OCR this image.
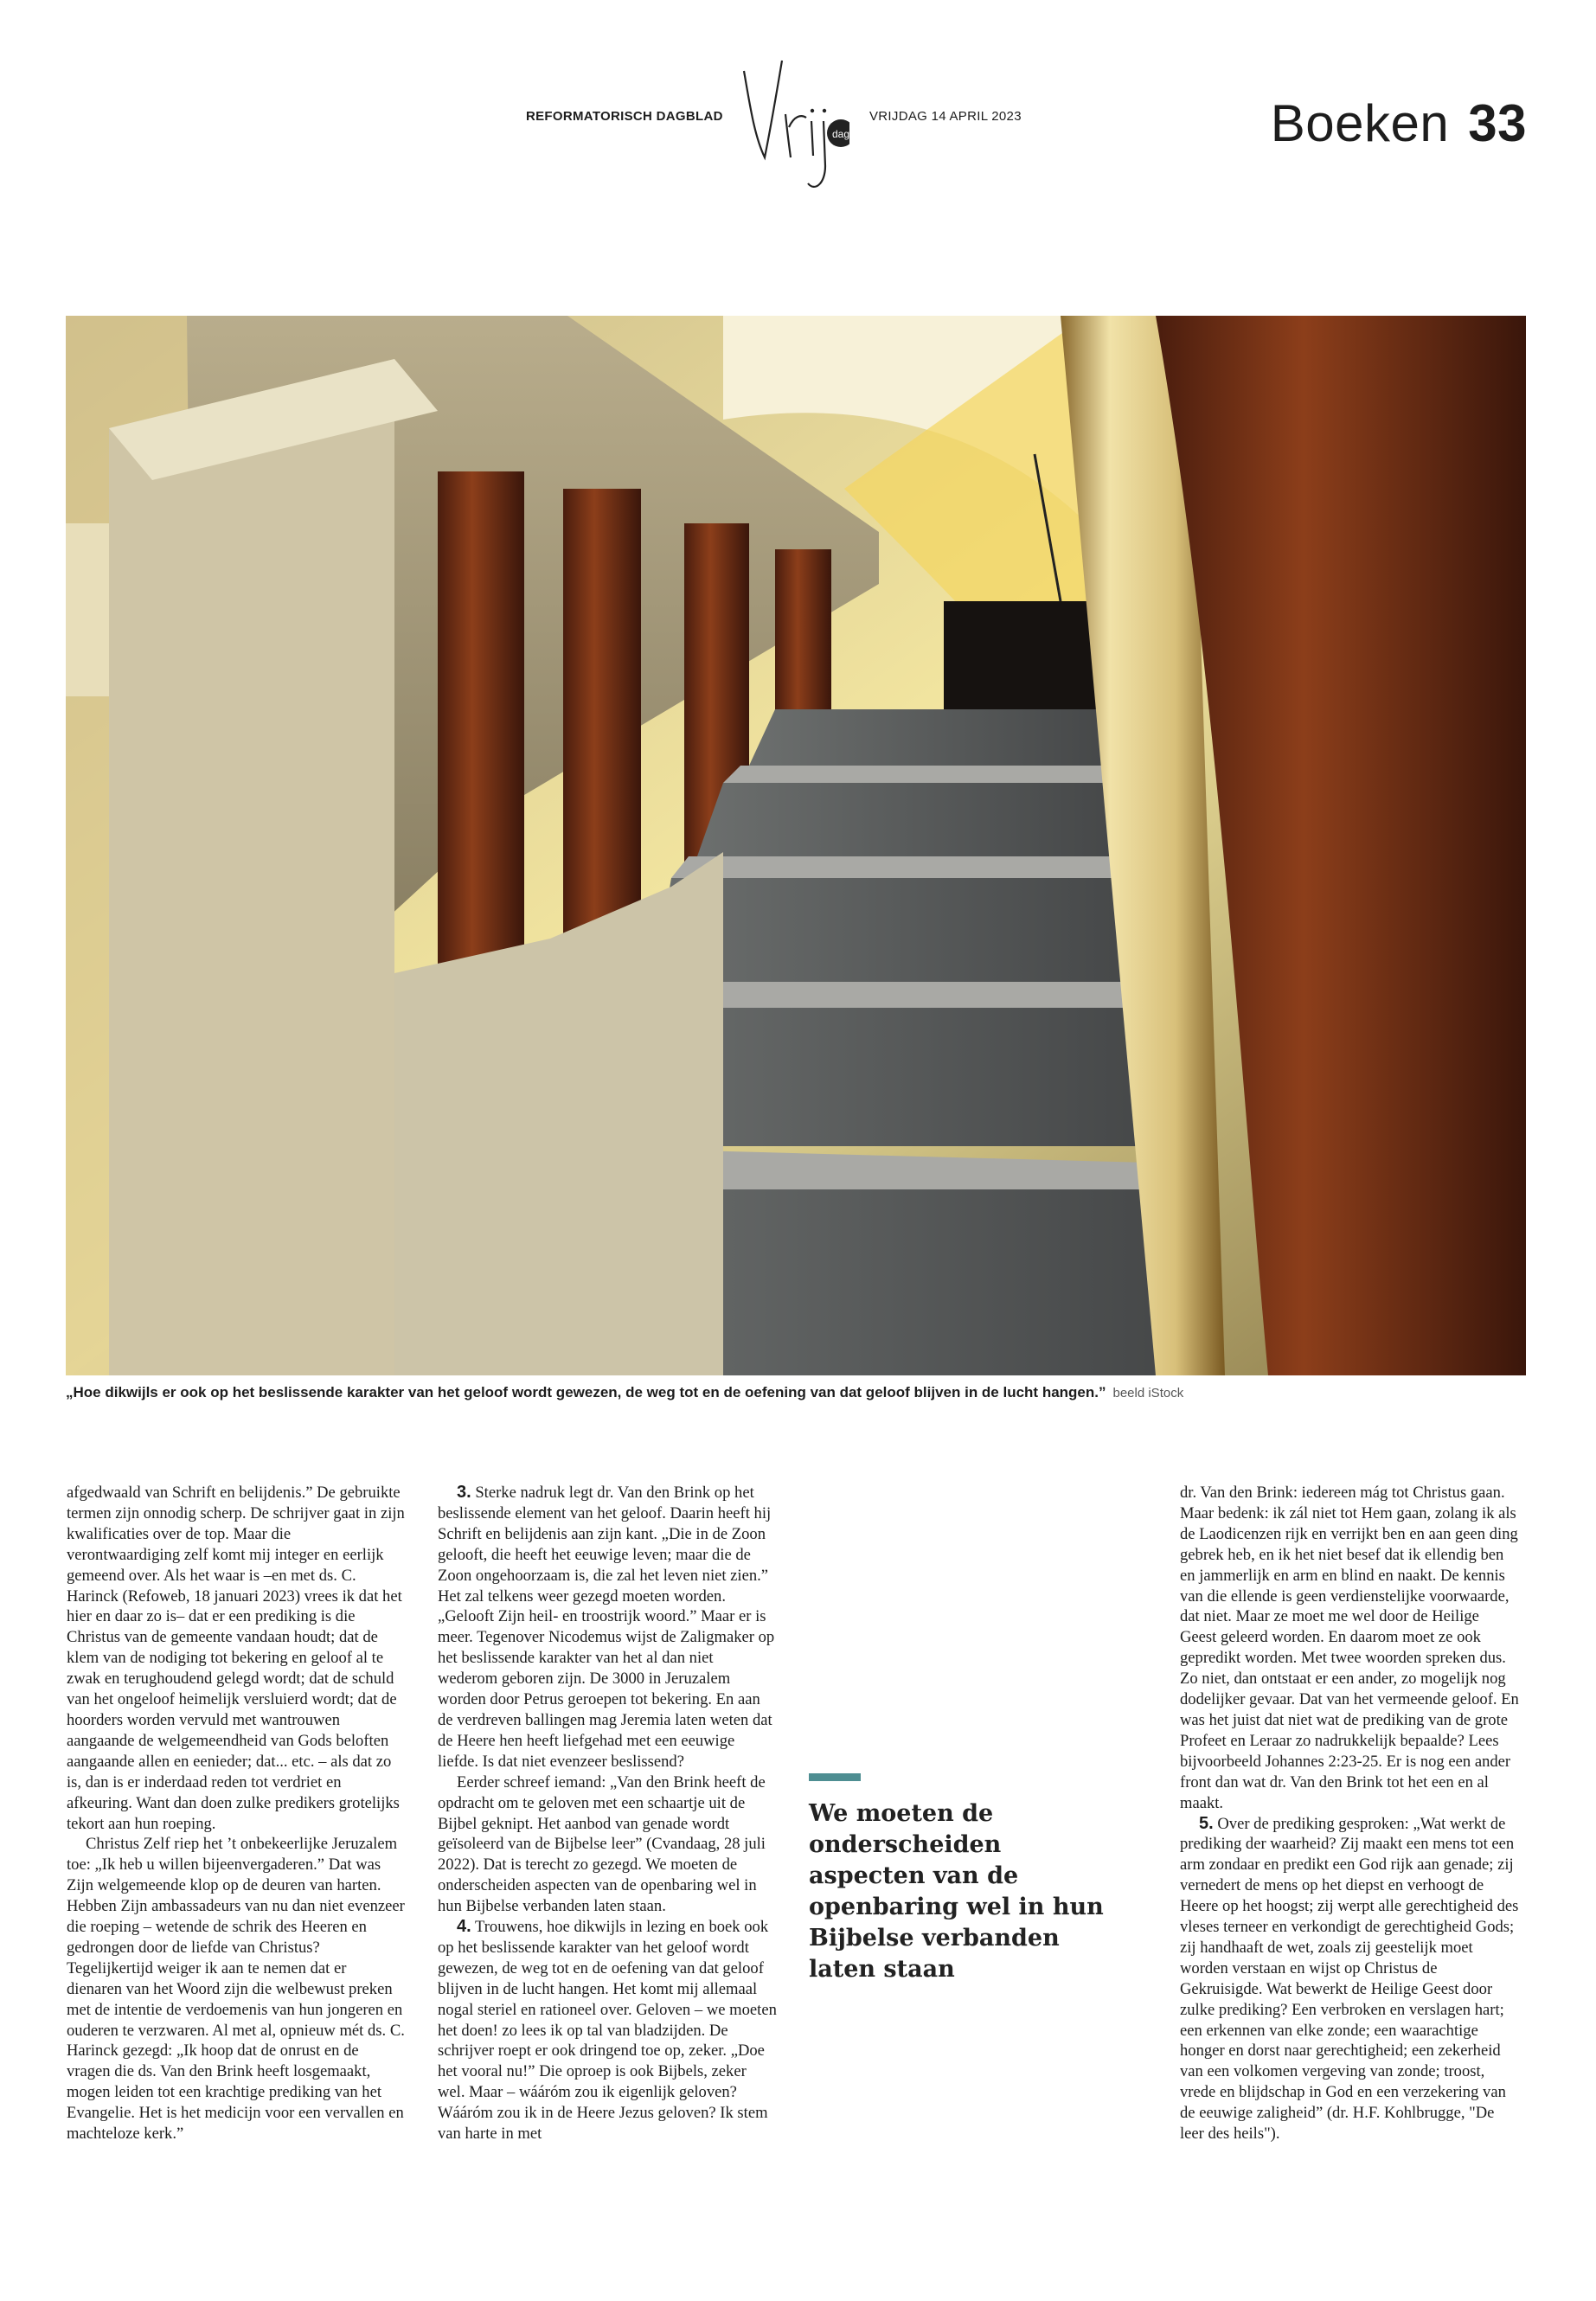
REFORMATORISCH DAGBLAD
dag
VRIJDAG 14 APRIL 2023	Boeken 33
„Hoe dikwijls er ook op het beslissende karakter van het geloof wordt gewezen, de weg tot en de oefening van dat geloof blijven in de lucht hangen.” beeld iStock

afgedwaald van Schrift en belijdenis.” De gebruikte termen zijn onnodig scherp. De schrijver gaat in zijn kwalificaties over de top. Maar die verontwaardiging zelf komt mij integer en eerlijk gemeend over. Als het waar is –en met ds. C. Harinck (Refoweb, 18 januari 2023) vrees ik dat het hier en daar zo is– dat er een prediking is die Christus van de gemeente vandaan houdt; dat de klem van de nodiging tot bekering en geloof al te zwak en terughoudend gelegd wordt; dat de schuld van het ongeloof heimelijk versluierd wordt; dat de hoorders worden vervuld met wantrouwen aangaande de welgemeendheid van Gods beloften aangaande allen en eenieder; dat... etc. – als dat zo is, dan is er inderdaad reden tot verdriet en afkeuring. Want dan doen zulke predikers grotelijks tekort aan hun roeping.

Christus Zelf riep het ’t onbekeerlijke Jeruzalem toe: „Ik heb u willen bijeenvergaderen.” Dat was Zijn welgemeende klop op de deuren van harten. Hebben Zijn ambassadeurs van nu dan niet evenzeer die roeping – wetende de schrik des Heeren en gedrongen door de liefde van Christus? Tegelijkertijd weiger ik aan te nemen dat er dienaren van het Woord zijn die welbewust preken met de intentie de verdoemenis van hun jongeren en ouderen te verzwaren. Al met al, opnieuw mét ds. C. Harinck gezegd: „Ik hoop dat de onrust en de vragen die ds. Van den Brink heeft losgemaakt, mogen leiden tot een krachtige prediking van het Evangelie. Het is het medicijn voor een vervallen en machteloze kerk.”

3. Sterke nadruk legt dr. Van den Brink op het beslissende element van het geloof. Daarin heeft hij Schrift en belijdenis aan zijn kant. „Die in de Zoon gelooft, die heeft het eeuwige leven; maar die de Zoon ongehoorzaam is, die zal het leven niet zien.” Het zal telkens weer gezegd moeten worden. „Gelooft Zijn heil- en troostrijk woord.” Maar er is meer. Tegenover Nicodemus wijst de Zaligmaker op het beslissende karakter van het al dan niet wederom geboren zijn. De 3000 in Jeruzalem worden door Petrus geroepen tot bekering. En aan de verdreven ballingen mag Jeremia laten weten dat de Heere hen heeft liefgehad met een eeuwige liefde. Is dat niet evenzeer beslissend?

Eerder schreef iemand: „Van den Brink heeft de opdracht om te geloven met een schaartje uit de Bijbel geknipt. Het aanbod van genade wordt geïsoleerd van de Bijbelse leer” (Cvandaag, 28 juli 2022). Dat is terecht zo gezegd. We moeten de onderscheiden aspecten van de openbaring wel in hun Bijbelse verbanden laten staan.

4. Trouwens, hoe dikwijls in lezing en boek ook op het beslissende karakter van het geloof wordt gewezen, de weg tot en de oefening van dat geloof blijven in de lucht hangen. Het komt mij allemaal nogal steriel en rationeel over. Geloven – we moeten het doen! zo lees ik op tal van bladzijden. De schrijver roept er ook dringend toe op, zeker. „Doe het vooral nu!” Die oproep is ook Bijbels, zeker wel. Maar – wááróm zou ik eigenlijk geloven? Wááróm zou ik in de Heere Jezus geloven? Ik stem van harte in met

We moeten de onderscheiden aspecten van de openbaring wel in hun Bijbelse verbanden laten staan

dr. Van den Brink: iedereen mág tot Christus gaan. Maar bedenk: ik zál niet tot Hem gaan, zolang ik als de Laodicenzen rijk en verrijkt ben en aan geen ding gebrek heb, en ik het niet besef dat ik ellendig ben en jammerlijk en arm en blind en naakt. De kennis van die ellende is geen verdienstelijke voorwaarde, dat niet. Maar ze moet me wel door de Heilige Geest geleerd worden. En daarom moet ze ook gepredikt worden. Met twee woorden spreken dus. Zo niet, dan ontstaat er een ander, zo mogelijk nog dodelijker gevaar. Dat van het vermeende geloof. En was het juist dat niet wat de prediking van de grote Profeet en Leraar zo nadrukkelijk bepaalde? Lees bijvoorbeeld Johannes 2:23-25. Er is nog een ander front dan wat dr. Van den Brink tot het een en al maakt.

5. Over de prediking gesproken: „Wat werkt de prediking der waarheid? Zij maakt een mens tot een arm zondaar en predikt een God rijk aan genade; zij vernedert de mens op het diepst en verhoogt de Heere op het hoogst; zij werpt alle gerechtigheid des vleses terneer en verkondigt de gerechtigheid Gods; zij handhaaft de wet, zoals zij geestelijk moet worden verstaan en wijst op Christus de Gekruisigde. Wat bewerkt de Heilige Geest door zulke prediking? Een verbroken en verslagen hart; een erkennen van elke zonde; een waarachtige honger en dorst naar gerechtigheid; een zekerheid van een volkomen vergeving van zonde; troost, vrede en blijdschap in God en een verzekering van de eeuwige zaligheid” (dr. H.F. Kohlbrugge, "De leer des heils").
